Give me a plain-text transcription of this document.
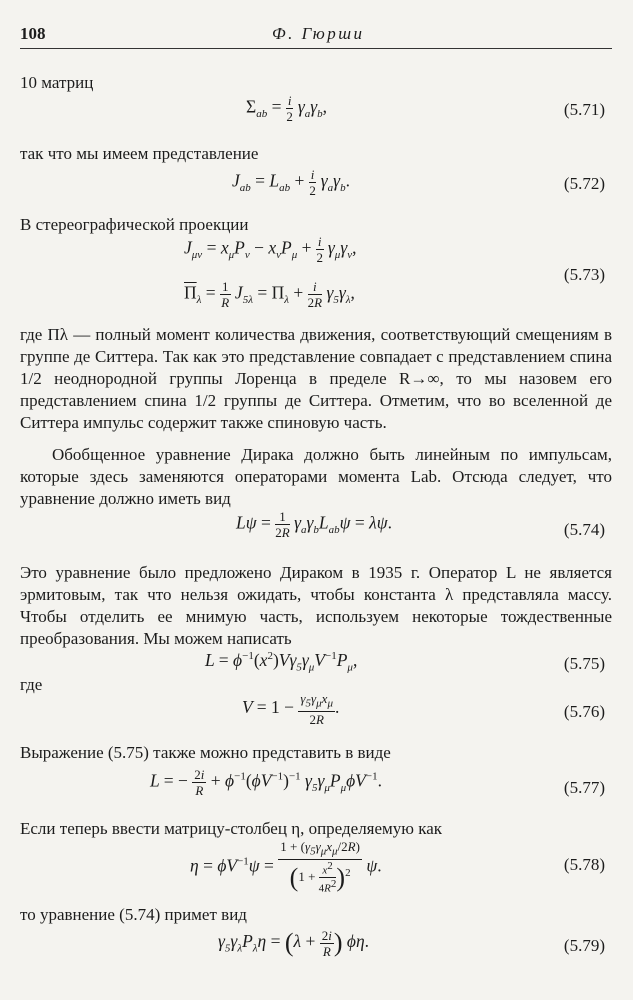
108	Ф. Гюрши
10 матриц
$\Sigma_{ab} = \frac{i}{2} \gamma_a\gamma_b$,	(5.71)
так что мы имеем представление
$J_{ab} = L_{ab} + \frac{i}{2} \gamma_a\gamma_b$.	(5.72)
В стереографической проекции
$J_{\mu\nu} = x_\mu P_\nu - x_\nu P_\mu + \frac{i}{2} \gamma_\mu\gamma_\nu$,
$\overline{\Pi}_\lambda = \frac{1}{R} J_{5\lambda} = \Pi_\lambda + \frac{i}{2R} \gamma_5\gamma_\lambda$,
(5.73)
где Πλ — полный момент количества движения, соответствующий смещениям в группе де Ситтера. Так как это представление совпадает с представлением спина 1/2 неоднородной группы Лоренца в пределе R→∞, то мы назовем его представлением спина 1/2 группы де Ситтера. Отметим, что во вселенной де Ситтера импульс содержит также спиновую часть.
Обобщенное уравнение Дирака должно быть линейным по импульсам, которые здесь заменяются операторами момента Lab. Отсюда следует, что уравнение должно иметь вид
$L\psi = \frac{1}{2R} \gamma_a\gamma_bL_{ab}\psi = \lambda\psi$.	(5.74)
Это уравнение было предложено Дираком в 1935 г. Оператор L не является эрмитовым, так что нельзя ожидать, чтобы константа λ представляла массу. Чтобы отделить ее мнимую часть, используем некоторые тождественные преобразования. Мы можем написать
$L = \phi^{-1}(x^2)V\gamma_5\gamma_\mu V^{-1}P_\mu$,	(5.75)
где
$V = 1 - \frac{\gamma_5\gamma_\mu x_\mu}{2R}$ .	(5.76)
Выражение (5.75) также можно представить в виде
L = − $\frac{2i}{R} + \phi^{-1}(\phi V^{-1})^{-1}$ $\gamma_5\gamma_\mu P_\mu\phi V^{-1}$.	(5.77)
Если теперь ввести матрицу-столбец η, определяемую как
$\eta = \phi V^{-1}\psi = \frac{1 + (\gamma_5\gamma_\mu x_\mu/2R)}{(1 + \frac{x^2}{4R^2} )^2} \psi$.	(5.78)
то уравнение (5.74) примет вид
$\gamma_5\gamma_\lambda P_\lambda\eta = (\lambda + \frac{2i}{R}$ ) ϕη.	(5.79)
